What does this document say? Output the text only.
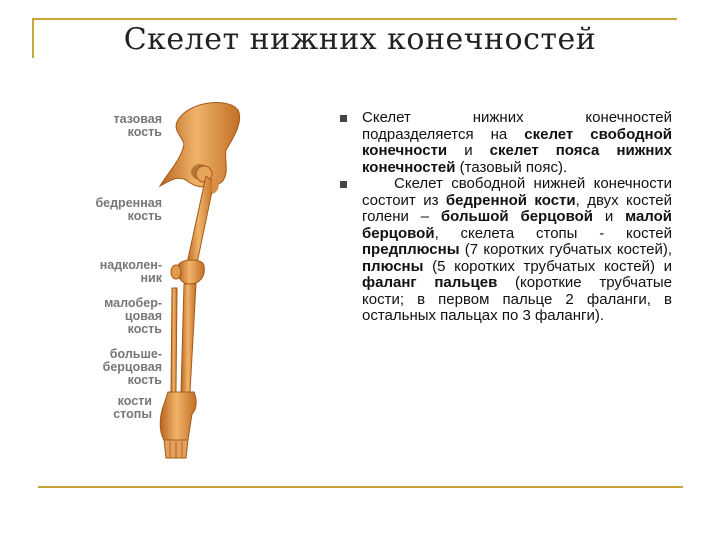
Скелет нижних конечностей
тазовая
кость
бедренная
кость
надколен-
ник
малобер-
цовая
кость
больше-
берцовая
кость
кости
стопы
Скелет нижних конечностей подразделяется на скелет свободной конечности и скелет пояса нижних конечностей (тазовый пояс).
Скелет свободной нижней конечности состоит из бедренной кости, двух костей голени – большой берцовой и малой берцовой, скелета стопы - костей предплюсны (7 коротких губчатых костей), плюсны (5 коротких трубчатых костей) и фаланг пальцев (короткие трубчатые кости; в первом пальце 2 фаланги, в остальных пальцах по 3 фаланги).
